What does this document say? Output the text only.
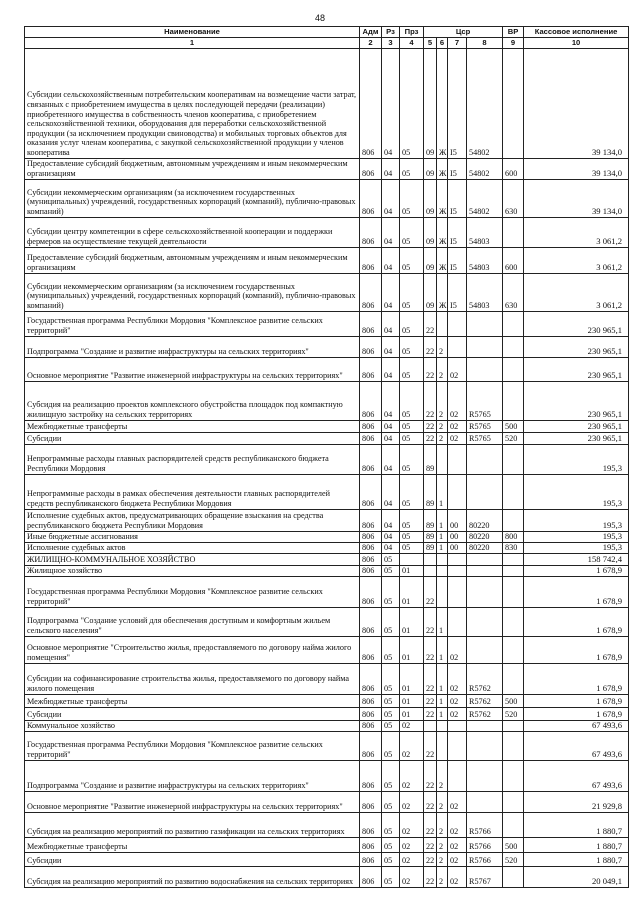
48
Наименование	Адм	Рз	Прз	Цср				ВР	Кассовое исполнение
1	2	3	4	5	6	7	8	9	10
Субсидии сельскохозяйственным потребительским кооперативам на возмещение части затрат, связанных с приобретением имущества в целях последующей передачи (реализации) приобретенного имущества в собственность членов кооператива, с приобретением сельскохозяйственной техники, оборудования для переработки сельскохозяйственной продукции (за исключением продукции свиноводства) и мобильных торговых объектов для оказания услуг членам кооператива, с закупкой сельскохозяйственной продукции у членов кооператива	806	04	05	09	Ж	I5	54802		39 134,0
Предоставление субсидий бюджетным, автономным учреждениям и иным некоммерческим организациям	806	04	05	09	Ж	I5	54802	600	39 134,0
Субсидии некоммерческим организациям (за исключением государственных (муниципальных) учреждений, государственных корпораций (компаний), публично-правовых компаний)	806	04	05	09	Ж	I5	54802	630	39 134,0
Субсидии центру компетенции в сфере сельскохозяйственной кооперации и поддержки фермеров на осуществление текущей деятельности	806	04	05	09	Ж	I5	54803		3 061,2
Предоставление субсидий бюджетным, автономным учреждениям и иным некоммерческим организациям	806	04	05	09	Ж	I5	54803	600	3 061,2
Субсидии некоммерческим организациям (за исключением государственных (муниципальных) учреждений, государственных корпораций (компаний), публично-правовых компаний)	806	04	05	09	Ж	I5	54803	630	3 061,2
Государственная программа Республики Мордовия "Комплексное развитие сельских территорий"	806	04	05	22					230 965,1
Подпрограмма "Создание и развитие инфраструктуры на сельских территориях"	806	04	05	22	2				230 965,1
Основное мероприятие "Развитие инженерной инфраструктуры на сельских территориях"	806	04	05	22	2	02			230 965,1
Субсидия на реализацию проектов комплексного обустройства площадок под компактную жилищную застройку на сельских территориях	806	04	05	22	2	02	R5765		230 965,1
Межбюджетные трансферты	806	04	05	22	2	02	R5765	500	230 965,1
Субсидии	806	04	05	22	2	02	R5765	520	230 965,1
Непрограммные расходы главных распорядителей средств республиканского бюджета Республики Мордовия	806	04	05	89					195,3
Непрограммные расходы в рамках обеспечения деятельности главных распорядителей средств республиканского бюджета Республики Мордовия	806	04	05	89	1				195,3
Исполнение судебных актов, предусматривающих обращение взыскания на средства республиканского бюджета Республики Мордовия	806	04	05	89	1	00	80220		195,3
Иные бюджетные ассигнования	806	04	05	89	1	00	80220	800	195,3
Исполнение судебных актов	806	04	05	89	1	00	80220	830	195,3
ЖИЛИЩНО-КОММУНАЛЬНОЕ ХОЗЯЙСТВО	806	05							158 742,4
Жилищное хозяйство	806	05	01						1 678,9
Государственная программа Республики Мордовия "Комплексное развитие сельских территорий"	806	05	01	22					1 678,9
Подпрограмма "Создание условий для обеспечения доступным и комфортным жильем сельского населения"	806	05	01	22	1				1 678,9
Основное мероприятие "Строительство жилья, предоставляемого по договору найма жилого помещения"	806	05	01	22	1	02			1 678,9
Субсидии на софинансирование строительства жилья, предоставляемого по договору найма жилого помещения	806	05	01	22	1	02	R5762		1 678,9
Межбюджетные трансферты	806	05	01	22	1	02	R5762	500	1 678,9
Субсидии	806	05	01	22	1	02	R5762	520	1 678,9
Коммунальное хозяйство	806	05	02						67 493,6
Государственная программа Республики Мордовия "Комплексное развитие сельских территорий"	806	05	02	22					67 493,6
Подпрограмма "Создание и развитие инфраструктуры на сельских территориях"	806	05	02	22	2				67 493,6
Основное мероприятие "Развитие инженерной инфраструктуры на сельских территориях"	806	05	02	22	2	02			21 929,8
Субсидия на реализацию мероприятий по развитию газификации на сельских территориях	806	05	02	22	2	02	R5766		1 880,7
Межбюджетные трансферты	806	05	02	22	2	02	R5766	500	1 880,7
Субсидии	806	05	02	22	2	02	R5766	520	1 880,7
Субсидия на реализацию мероприятий по развитию водоснабжения на сельских территориях	806	05	02	22	2	02	R5767		20 049,1
